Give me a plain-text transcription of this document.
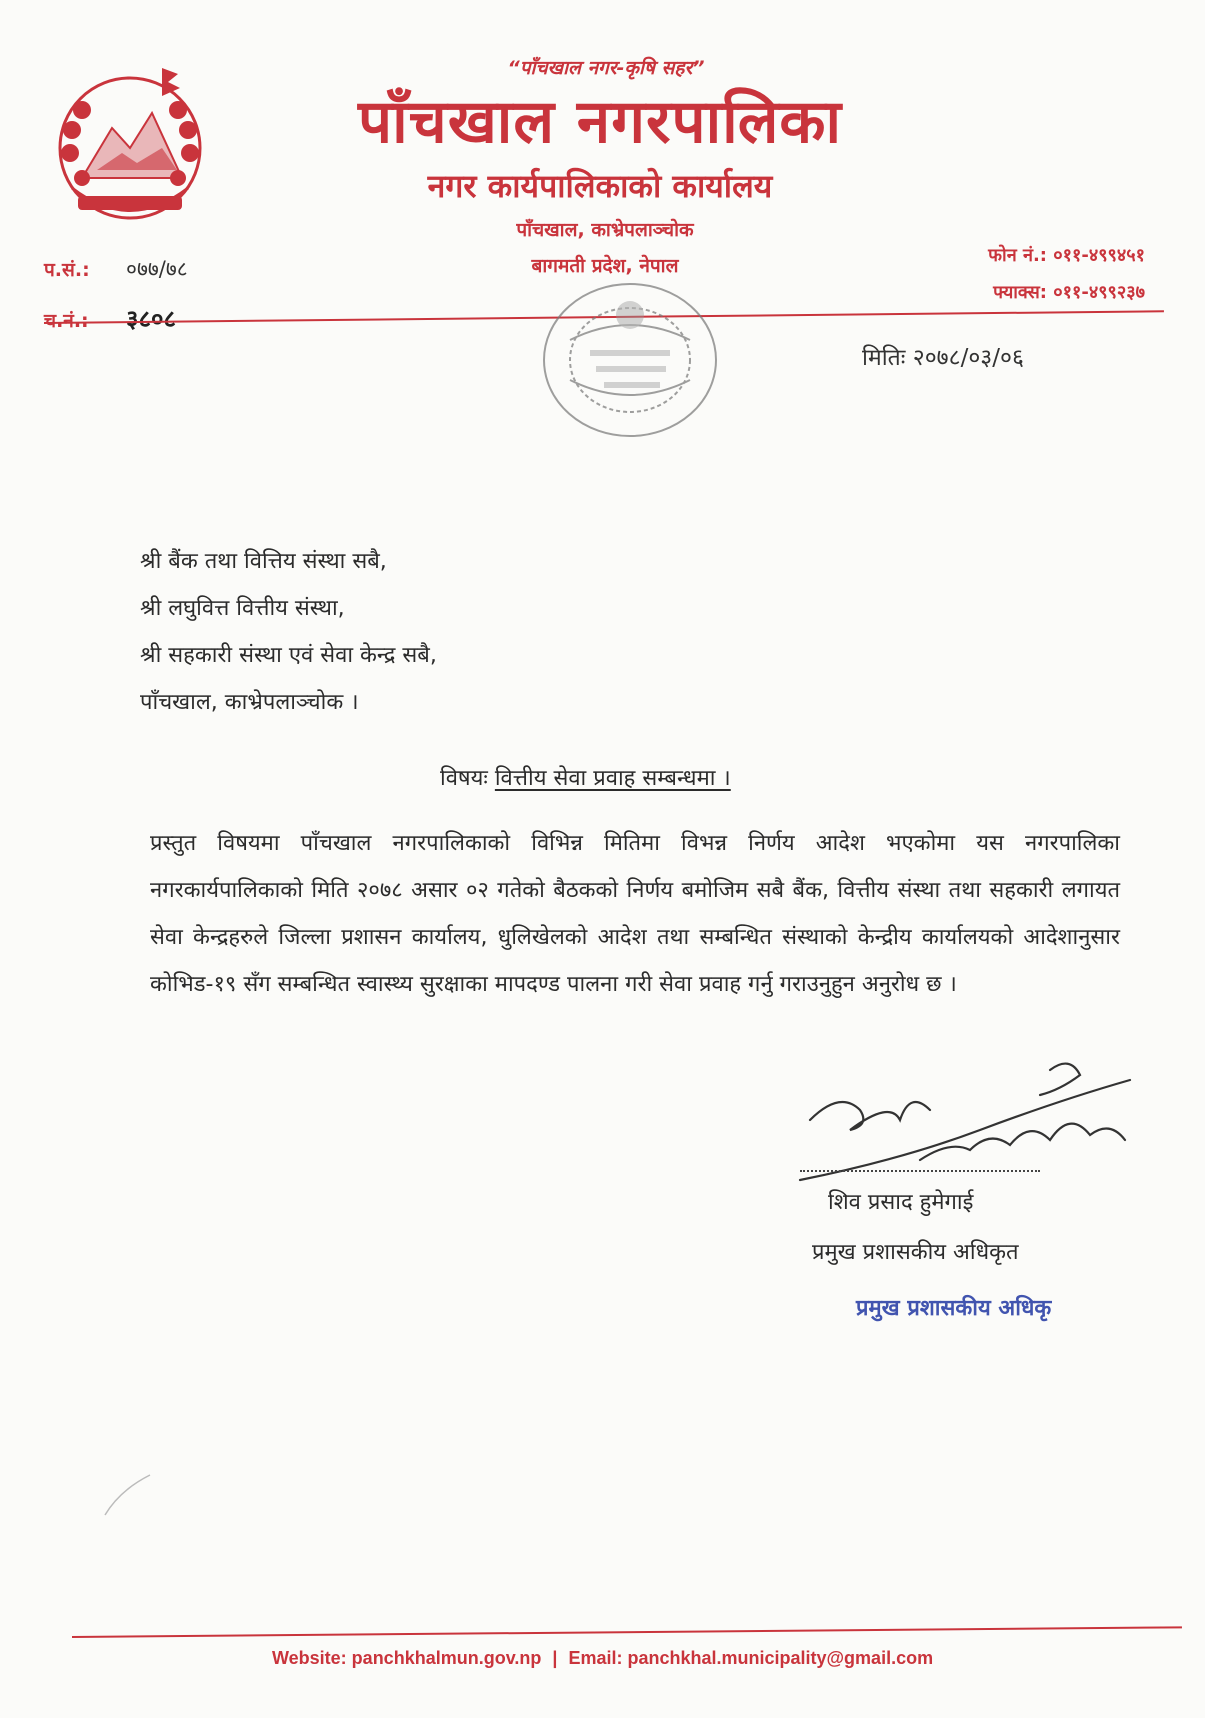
“पाँचखाल नगर-कृषि सहर”
पाँचखाल नगरपालिका
नगर कार्यपालिकाको कार्यालय
पाँचखाल, काभ्रेपलाञ्चोक
बागमती प्रदेश, नेपाल	फोन नं.: ०११-४९९४५१
फ्याक्स: ०११-४९९२३७
प.सं.: ०७७/७८
३८०८
मितिः २०७८/०३/०६
श्री बैंक तथा वित्तिय संस्था सबै,
श्री लघुवित्त वित्तीय संस्था,
श्री सहकारी संस्था एवं सेवा केन्द्र सबै,
पाँचखाल, काभ्रेपलाञ्चोक ।
विषयः वित्तीय सेवा प्रवाह सम्बन्धमा ।
प्रस्तुत विषयमा पाँचखाल नगरपालिकाको विभिन्न मितिमा विभन्न निर्णय आदेश भएकोमा यस नगरपालिका नगरकार्यपालिकाको मिति २०७८ असार ०२ गतेको बैठकको निर्णय बमोजिम सबै बैंक, वित्तीय संस्था तथा सहकारी लगायत सेवा केन्द्रहरुले जिल्ला प्रशासन कार्यालय, धुलिखेलको आदेश तथा सम्बन्धित संस्थाको केन्द्रीय कार्यालयको आदेशानुसार कोभिड-१९ सँग सम्बन्धित स्वास्थ्य सुरक्षाका मापदण्ड पालना गरी सेवा प्रवाह गर्नु गराउनुहुन अनुरोध छ ।
शिव प्रसाद हुमेगाई
प्रमुख प्रशासकीय अधिकृत
प्रमुख प्रशासकीय अधिकृ
Website: panchkhalmun.gov.np | Email: panchkhal.municipality@gmail.com
